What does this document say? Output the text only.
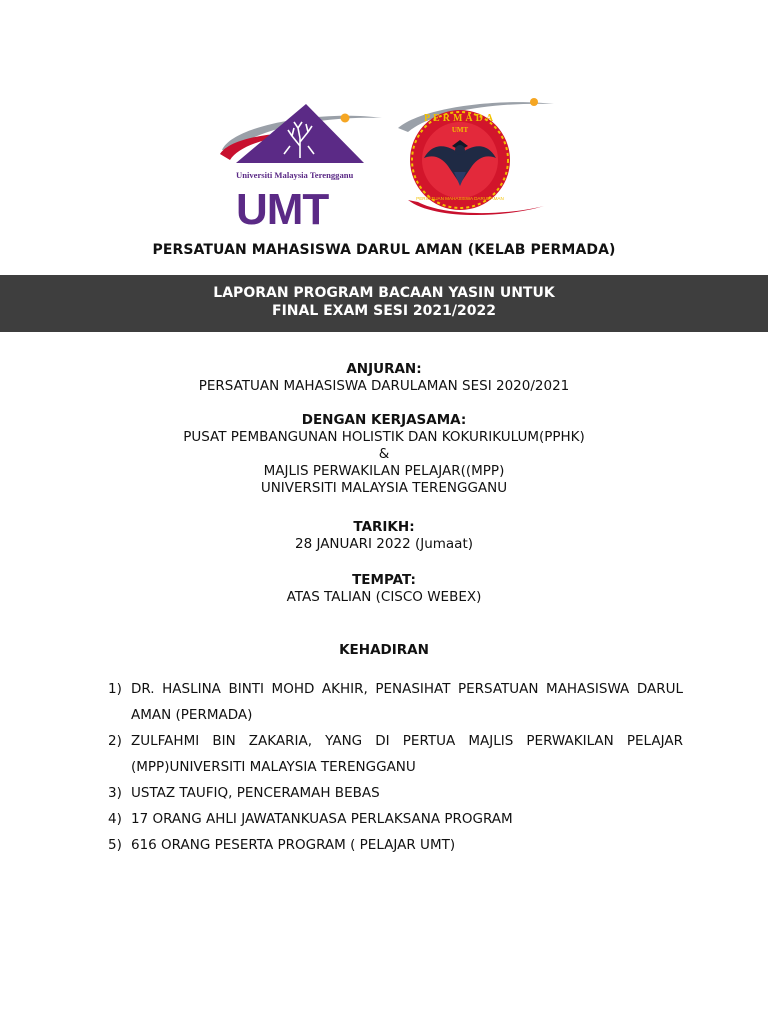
Universiti Malaysia Terengganu
UMT
PERMADA
UMT
PERSATUAN MAHASISWA DARUL AMAN
PERSATUAN MAHASISWA DARUL AMAN (KELAB PERMADA)
LAPORAN PROGRAM BACAAN YASIN UNTUK
FINAL EXAM SESI 2021/2022
ANJURAN:
PERSATUAN MAHASISWA DARULAMAN SESI 2020/2021
DENGAN KERJASAMA:
PUSAT PEMBANGUNAN HOLISTIK DAN KOKURIKULUM(PPHK)
&
MAJLIS PERWAKILAN PELAJAR((MPP)
UNIVERSITI MALAYSIA TERENGGANU
TARIKH:
28 JANUARI 2022 (Jumaat)
TEMPAT:
ATAS TALIAN (CISCO WEBEX)
KEHADIRAN
1) DR. HASLINA BINTI MOHD AKHIR, PENASIHAT PERSATUAN MAHASISWA DARUL AMAN (PERMADA)
2) ZULFAHMI BIN ZAKARIA, YANG DI PERTUA MAJLIS PERWAKILAN PELAJAR (MPP)UNIVERSITI MALAYSIA TERENGGANU
3) USTAZ TAUFIQ, PENCERAMAH BEBAS
4) 17 ORANG AHLI JAWATANKUASA PERLAKSANA PROGRAM
5) 616 ORANG PESERTA PROGRAM ( PELAJAR UMT)
